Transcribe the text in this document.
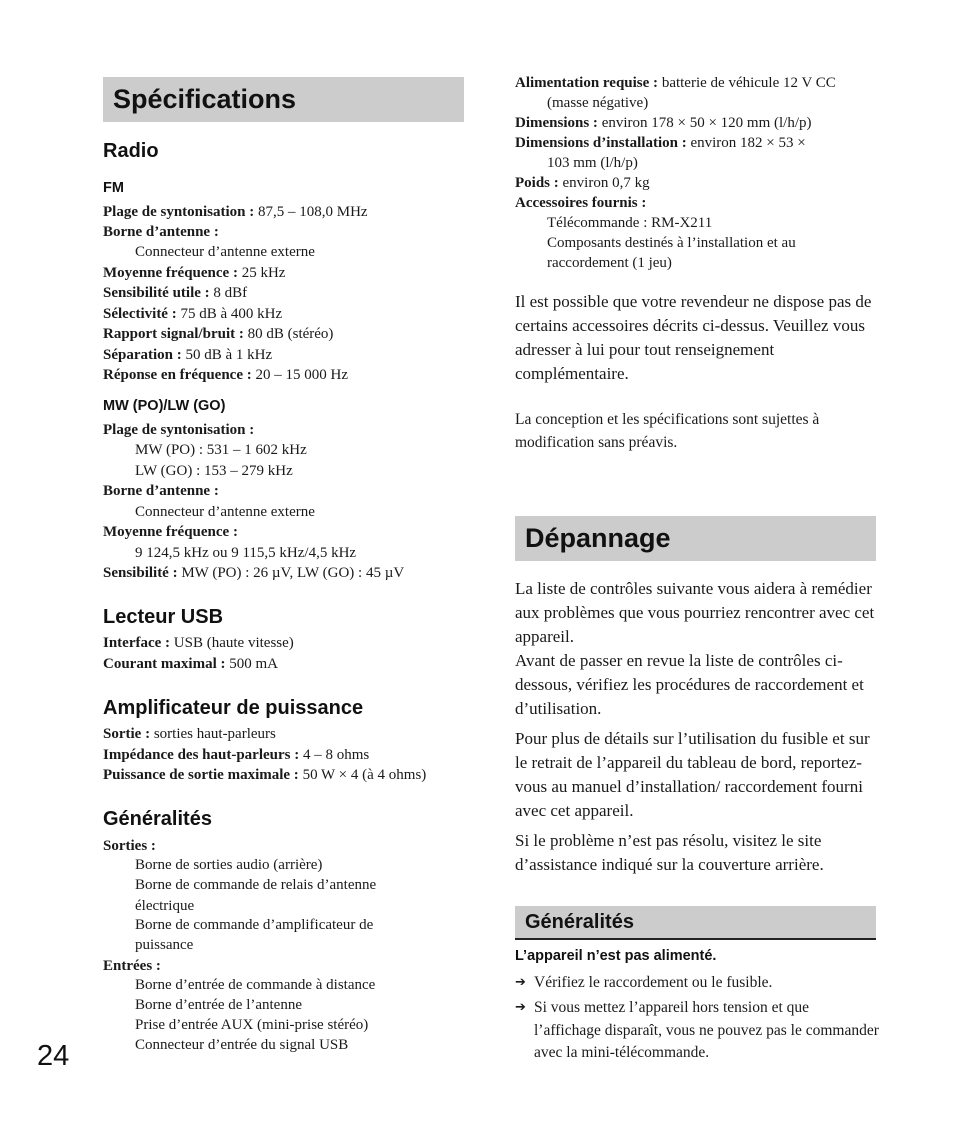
Spécifications
Radio
FM
Plage de syntonisation : 87,5 – 108,0 MHz
Borne d’antenne :
Connecteur d’antenne externe
Moyenne fréquence : 25 kHz
Sensibilité utile : 8 dBf
Sélectivité : 75 dB à 400 kHz
Rapport signal/bruit : 80 dB (stéréo)
Séparation : 50 dB à 1 kHz
Réponse en fréquence : 20 – 15 000 Hz
MW (PO)/LW (GO)
Plage de syntonisation :
MW (PO) : 531 – 1 602 kHz
LW (GO) : 153 – 279 kHz
Borne d’antenne :
Connecteur d’antenne externe
Moyenne fréquence :
9 124,5 kHz ou 9 115,5 kHz/4,5 kHz
Sensibilité : MW (PO) : 26 µV, LW (GO) : 45 µV
Lecteur USB
Interface : USB (haute vitesse)
Courant maximal : 500 mA
Amplificateur de puissance
Sortie : sorties haut-parleurs
Impédance des haut-parleurs : 4 – 8 ohms
Puissance de sortie maximale : 50 W × 4 (à 4 ohms)
Généralités
Sorties :
Borne de sorties audio (arrière)
Borne de commande de relais d’antenne
électrique
Borne de commande d’amplificateur de
puissance
Entrées :
Borne d’entrée de commande à distance
Borne d’entrée de l’antenne
Prise d’entrée AUX (mini-prise stéréo)
Connecteur d’entrée du signal USB
24
Alimentation requise : batterie de véhicule 12 V CC
(masse négative)
Dimensions : environ 178 × 50 × 120 mm (l/h/p)
Dimensions d’installation : environ 182 × 53 ×
103 mm (l/h/p)
Poids : environ 0,7 kg
Accessoires fournis :
Télécommande : RM-X211
Composants destinés à l’installation et au
raccordement (1 jeu)
Il est possible que votre revendeur ne dispose pas de certains accessoires décrits ci-dessus. Veuillez vous adresser à lui pour tout renseignement complémentaire.
La conception et les spécifications sont sujettes à modification sans préavis.
Dépannage
La liste de contrôles suivante vous aidera à remédier aux problèmes que vous pourriez rencontrer avec cet appareil.
Avant de passer en revue la liste de contrôles ci-dessous, vérifiez les procédures de raccordement et d’utilisation.
Pour plus de détails sur l’utilisation du fusible et sur le retrait de l’appareil du tableau de bord, reportez-vous au manuel d’installation/ raccordement fourni avec cet appareil.
Si le problème n’est pas résolu, visitez le site d’assistance indiqué sur la couverture arrière.
Généralités
L’appareil n’est pas alimenté.
➔ Vérifiez le raccordement ou le fusible.
➔ Si vous mettez l’appareil hors tension et que l’affichage disparaît, vous ne pouvez pas le commander avec la mini-télécommande.
